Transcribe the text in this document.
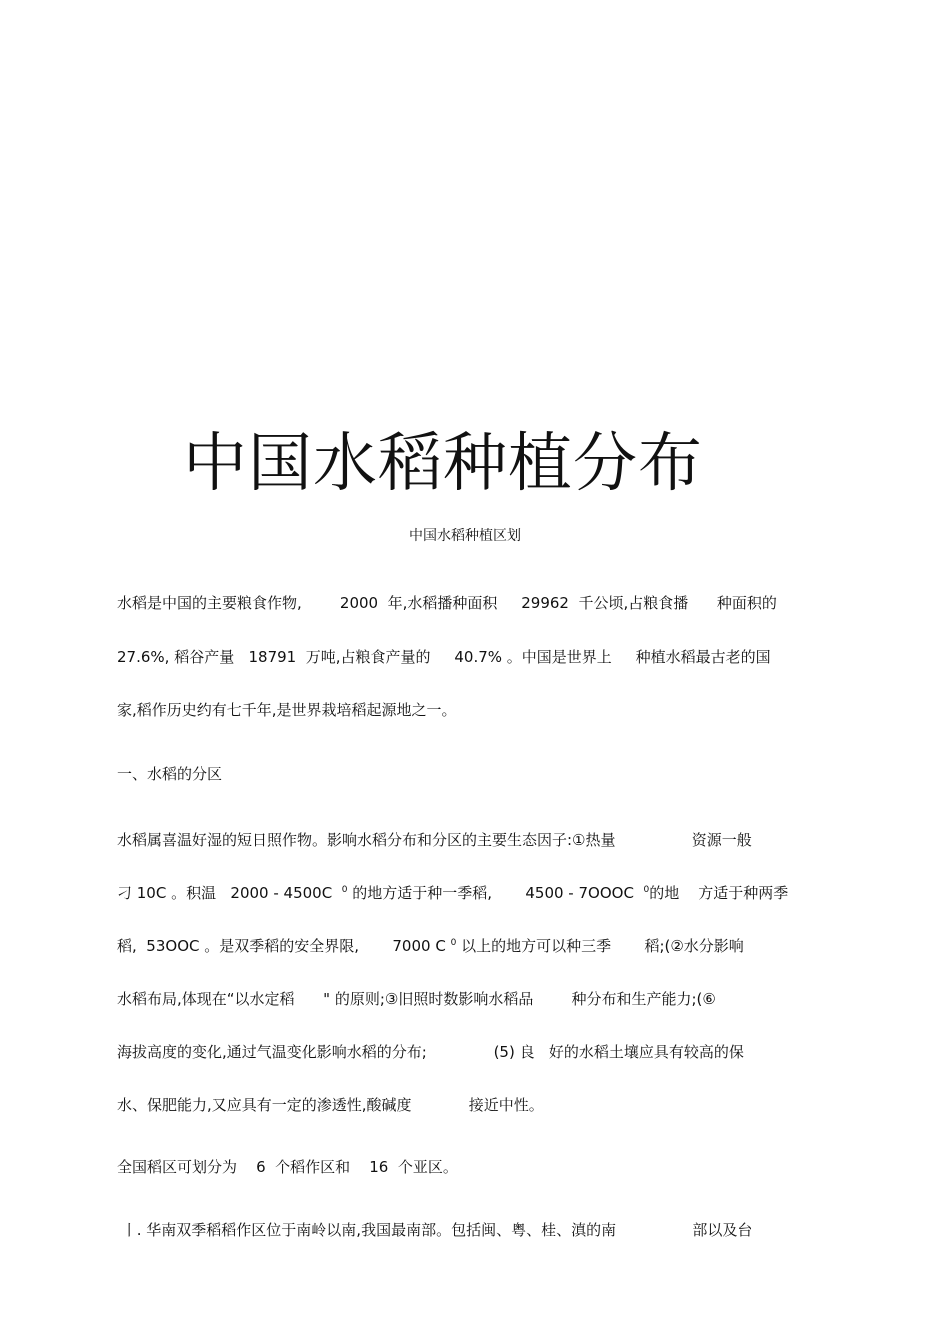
中国水稻种植分布

中国水稻种植区划

水稻是中国的主要粮食作物,        2000  年,水稻播种面积     29962  千公顷,占粮食播      种面积的

27.6%, 稻谷产量   18791  万吨,占粮食产量的     40.7% 。中国是世界上     种植水稻最古老的国

家,稻作历史约有七千年,是世界栽培稻起源地之一。

一、水稻的分区

水稻属喜温好湿的短日照作物。影响水稻分布和分区的主要生态因子:①热量                资源一般

刁 10C 。积温   2000 - 4500C  $^0$ 的地方适于种一季稻,       4500 - 7OOOC  $^0$的地    方适于种两季

稻,  53OOC 。是双季稻的安全界限,       7000 C $^0$ 以上的地方可以种三季       稻;(②水分影响

水稻布局,体现在“以水定稻      " 的原则;③旧照时数影响水稻品        种分布和生产能力;(⑥

海拔高度的变化,通过气温变化影响水稻的分布;              (5) 良   好的水稻土壤应具有较高的保

水、保肥能力,又应具有一定的渗透性,酸碱度            接近中性。

全国稻区可划分为    6  个稻作区和    16  个亚区。

丨. 华南双季稻稻作区位于南岭以南,我国最南部。包括闽、粤、桂、滇的南                部以及台
